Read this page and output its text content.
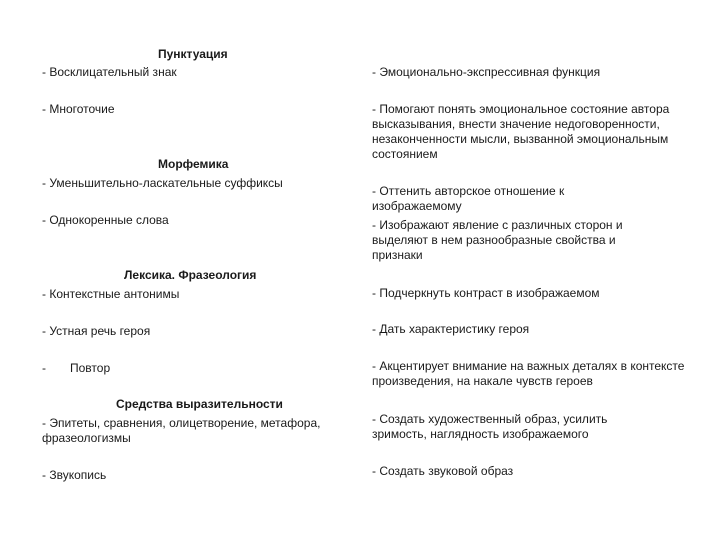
Пунктуация

- Восклицательный знак

- Многоточие

Морфемика

- Уменьшительно-ласкательные суффиксы

- Однокоренные слова

Лексика. Фразеология

- Контекстные антонимы

- Устная речь героя

- Повтор

Средства выразительности

- Эпитеты, сравнения, олицетворение, метафора, фразеологизмы

- Звукопись

- Эмоционально-экспрессивная функция

- Помогают понять эмоциональное состояние автора высказывания, внести значение недоговоренности, незаконченности мысли, вызванной эмоциональным состоянием

- Оттенить авторское отношение к изображаемому

- Изображают явление с различных сторон и выделяют в нем разнообразные свойства и признаки

- Подчеркнуть контраст в изображаемом

- Дать характеристику героя

- Акцентирует внимание на важных деталях в контексте произведения, на накале чувств героев

- Создать художественный образ, усилить зримость, наглядность изображаемого

- Создать звуковой образ
